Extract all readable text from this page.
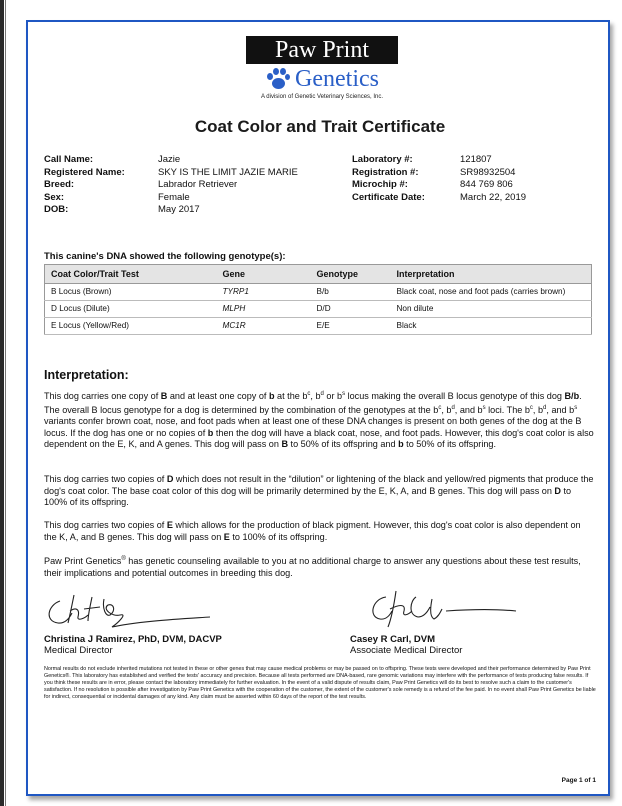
Paw Print
Genetics
A division of Genetic Veterinary Sciences, Inc.
Coat Color and Trait Certificate
Call Name:	Jazie
Registered Name:	SKY IS THE LIMIT JAZIE MARIE
Breed:	Labrador Retriever
Sex:	Female
DOB:	May 2017
Laboratory #:	121807
Registration #:	SR98932504
Microchip #:	844 769 806
Certificate Date:	March 22, 2019
This canine's DNA showed the following genotype(s):
Coat Color/Trait Test	Gene	Genotype	Interpretation
B Locus (Brown)	TYRP1	B/b	Black coat, nose and foot pads (carries brown)
D Locus (Dilute)	MLPH	D/D	Non dilute
E Locus (Yellow/Red)	MC1R	E/E	Black
Interpretation:

This dog carries one copy of B and at least one copy of b at the $b^c$, $b^d$ or $b^s$ locus making the overall B locus genotype of this dog B/b. The overall B locus genotype for a dog is determined by the combination of the genotypes at the $b^c$, $b^d$, and $b^s$ loci. The $b^c$, $b^d$, and $b^s$ variants confer brown coat, nose, and foot pads when at least one of these DNA changes is present on both genes of the dog at the B locus. If the dog has one or no copies of b then the dog will have a black coat, nose, and foot pads. However, this dog's coat color is also dependent on the E, K, and A genes. This dog will pass on B to 50% of its offspring and b to 50% of its offspring.

This dog carries two copies of D which does not result in the “dilution” or lightening of the black and yellow/red pigments that produce the dog's coat color. The base coat color of this dog will be primarily determined by the E, K, A, and B genes. This dog will pass on D to 100% of its offspring.

This dog carries two copies of E which allows for the production of black pigment. However, this dog's coat color is also dependent on the K, A, and B genes. This dog will pass on E to 100% of its offspring.

Paw Print Genetics® has genetic counseling available to you at no additional charge to answer any questions about these test results, their implications and potential outcomes in breeding this dog.

Christina J Ramirez, PhD, DVM, DACVP
Medical Director
Casey R Carl, DVM
Associate Medical Director
Normal results do not exclude inherited mutations not tested in these or other genes that may cause medical problems or may be passed on to offspring. These tests were developed and their performance determined by Paw Print Genetics®. This laboratory has established and verified the tests' accuracy and precision. Because all tests performed are DNA-based, rare genomic variations may interfere with the performance of tests producing false results. If you think these results are in error, please contact the laboratory immediately for further evaluation. In the event of a valid dispute of results claim, Paw Print Genetics will do its best to resolve such a claim to the customer's satisfaction. If no resolution is possible after investigation by Paw Print Genetics with the cooperation of the customer, the extent of the customer's sole remedy is a refund of the fee paid. In no event shall Paw Print Genetics be liable for indirect, consequential or incidental damages of any kind. Any claim must be asserted within 60 days of the report of the test results.
Page 1 of 1
